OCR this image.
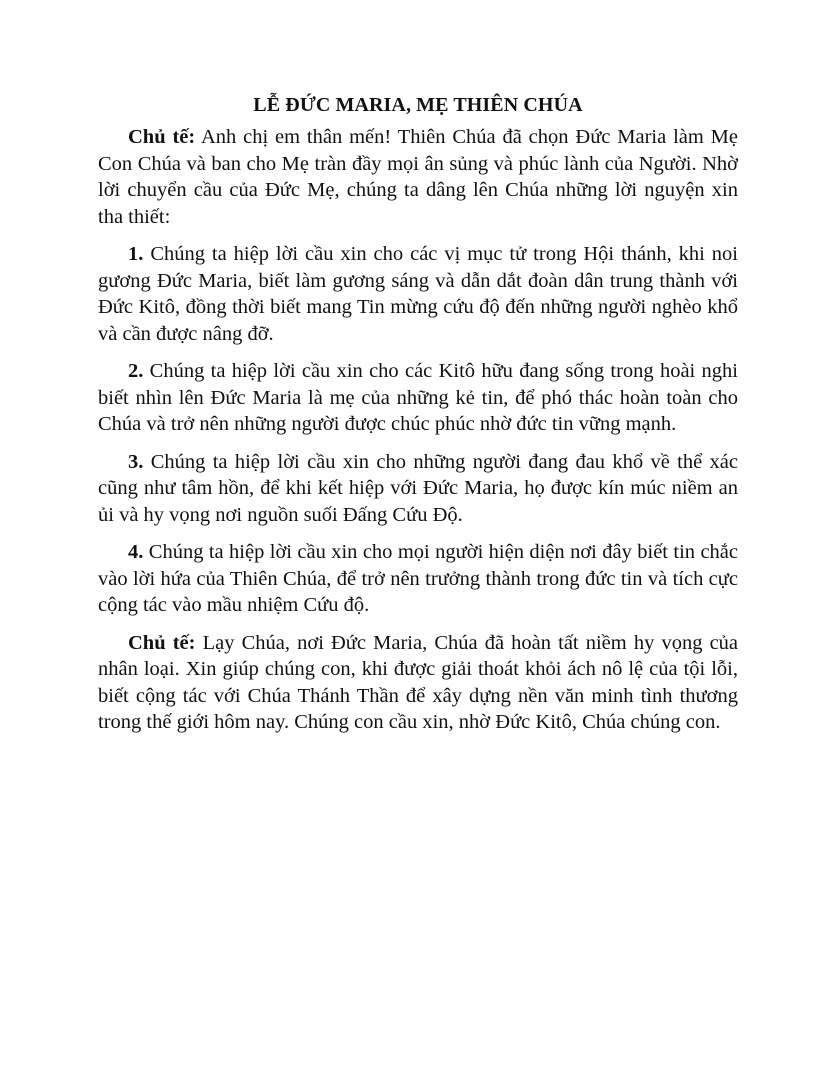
LỄ ĐỨC MARIA, MẸ THIÊN CHÚA

Chủ tế: Anh chị em thân mến! Thiên Chúa đã chọn Đức Maria làm Mẹ Con Chúa và ban cho Mẹ tràn đầy mọi ân sủng và phúc lành của Người. Nhờ lời chuyển cầu của Đức Mẹ, chúng ta dâng lên Chúa những lời nguyện xin tha thiết:

1. Chúng ta hiệp lời cầu xin cho các vị mục tử trong Hội thánh, khi noi gương Đức Maria, biết làm gương sáng và dẫn dắt đoàn dân trung thành với Đức Kitô, đồng thời biết mang Tin mừng cứu độ đến những người nghèo khổ và cần được nâng đỡ.

2. Chúng ta hiệp lời cầu xin cho các Kitô hữu đang sống trong hoài nghi biết nhìn lên Đức Maria là mẹ của những kẻ tin, để phó thác hoàn toàn cho Chúa và trở nên những người được chúc phúc nhờ đức tin vững mạnh.

3. Chúng ta hiệp lời cầu xin cho những người đang đau khổ về thể xác cũng như tâm hồn, để khi kết hiệp với Đức Maria, họ được kín múc niềm an ủi và hy vọng nơi nguồn suối Đấng Cứu Độ.

4. Chúng ta hiệp lời cầu xin cho mọi người hiện diện nơi đây biết tin chắc vào lời hứa của Thiên Chúa, để trở nên trưởng thành trong đức tin và tích cực cộng tác vào mầu nhiệm Cứu độ.

Chủ tế: Lạy Chúa, nơi Đức Maria, Chúa đã hoàn tất niềm hy vọng của nhân loại. Xin giúp chúng con, khi được giải thoát khỏi ách nô lệ của tội lỗi, biết cộng tác với Chúa Thánh Thần để xây dựng nền văn minh tình thương trong thế giới hôm nay. Chúng con cầu xin, nhờ Đức Kitô, Chúa chúng con.
